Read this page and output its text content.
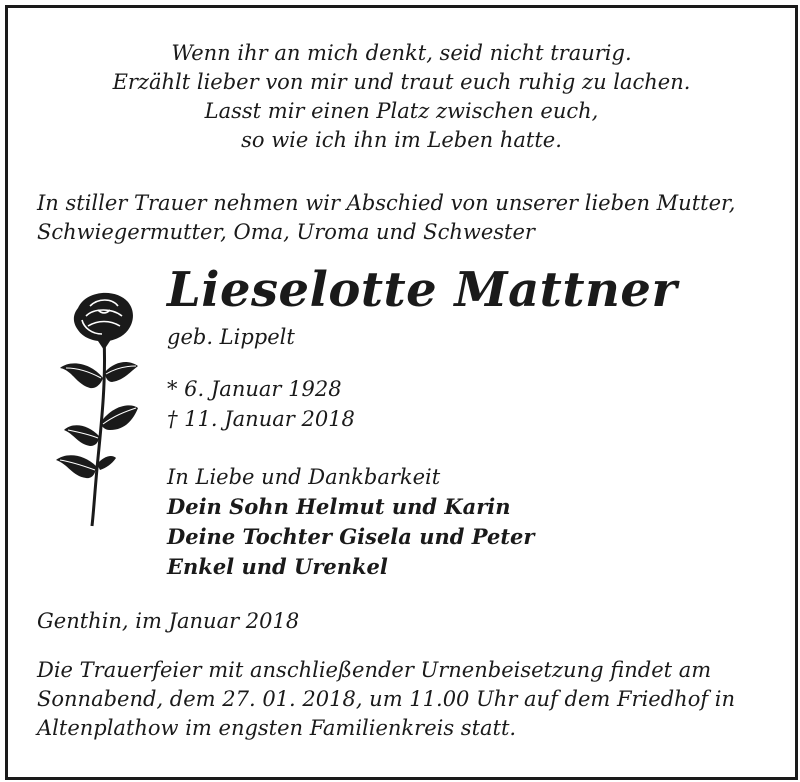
Wenn ihr an mich denkt, seid nicht traurig.
Erzählt lieber von mir und traut euch ruhig zu lachen.
Lasst mir einen Platz zwischen euch,
so wie ich ihn im Leben hatte.
In stiller Trauer nehmen wir Abschied von unserer lieben Mutter,
Schwiegermutter, Oma, Uroma und Schwester
Lieselotte Mattner
geb. Lippelt
* 6. Januar 1928
† 11. Januar 2018
In Liebe und Dankbarkeit
Dein Sohn Helmut und Karin
Deine Tochter Gisela und Peter
Enkel und Urenkel
Genthin, im Januar 2018
Die Trauerfeier mit anschließender Urnenbeisetzung findet am
Sonnabend, dem 27. 01. 2018, um 11.00 Uhr auf dem Friedhof in
Altenplathow im engsten Familienkreis statt.
